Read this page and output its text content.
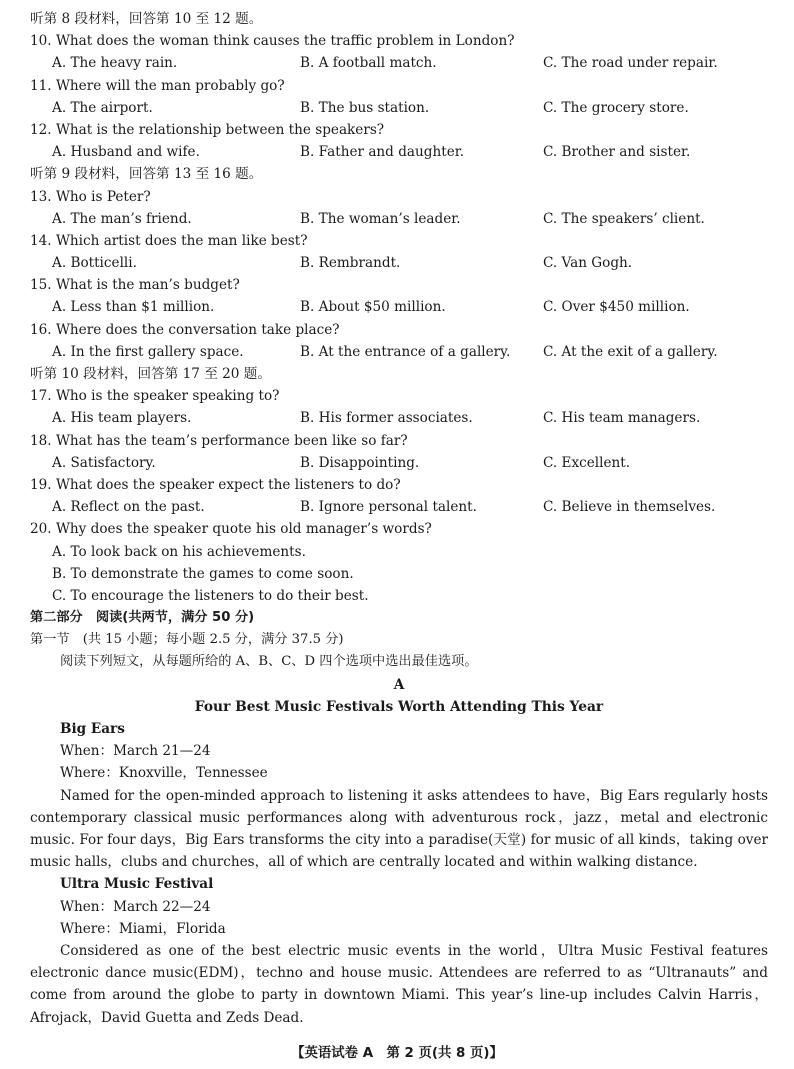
听第 8 段材料，回答第 10 至 12 题。
10. What does the woman think causes the traffic problem in London?
A. The heavy rain.	B. A football match.	C. The road under repair.
11. Where will the man probably go?
A. The airport.	B. The bus station.	C. The grocery store.
12. What is the relationship between the speakers?
A. Husband and wife.	B. Father and daughter.	C. Brother and sister.
听第 9 段材料，回答第 13 至 16 题。
13. Who is Peter?
A. The man’s friend.	B. The woman’s leader.	C. The speakers’ client.
14. Which artist does the man like best?
A. Botticelli.	B. Rembrandt.	C. Van Gogh.
15. What is the man’s budget?
A. Less than $1 million.	B. About $50 million.	C. Over $450 million.
16. Where does the conversation take place?
A. In the first gallery space.	B. At the entrance of a gallery. C. At the exit of a gallery.
听第 10 段材料，回答第 17 至 20 题。
17. Who is the speaker speaking to?
A. His team players.	B. His former associates.	C. His team managers.
18. What has the team’s performance been like so far?
A. Satisfactory.	B. Disappointing.	C. Excellent.
19. What does the speaker expect the listeners to do?
A. Reflect on the past.	B. Ignore personal talent.	C. Believe in themselves.
20. Why does the speaker quote his old manager’s words?
A. To look back on his achievements.
B. To demonstrate the games to come soon.
C. To encourage the listeners to do their best.
第二部分　阅读(共两节，满分 50 分)
第一节　(共 15 小题；每小题 2.5 分，满分 37.5 分)
阅读下列短文，从每题所给的 A、B、C、D 四个选项中选出最佳选项。
A
Four Best Music Festivals Worth Attending This Year
Big Ears
When：March 21—24
Where：Knoxville，Tennessee

Named for the open-minded approach to listening it asks attendees to have，Big Ears regularly hosts contemporary classical music performances along with adventurous rock，jazz，metal and electronic music. For four days，Big Ears transforms the city into a paradise(天堂) for music of all kinds，taking over music halls，clubs and churches，all of which are centrally located and within walking distance.

Ultra Music Festival
When：March 22—24
Where：Miami，Florida

Considered as one of the best electric music events in the world，Ultra Music Festival features electronic dance music(EDM)，techno and house music. Attendees are referred to as “Ultranauts” and come from around the globe to party in downtown Miami. This year’s line-up includes Calvin Harris，Afrojack，David Guetta and Zeds Dead.

【英语试卷 A　第 2 页(共 8 页)】
